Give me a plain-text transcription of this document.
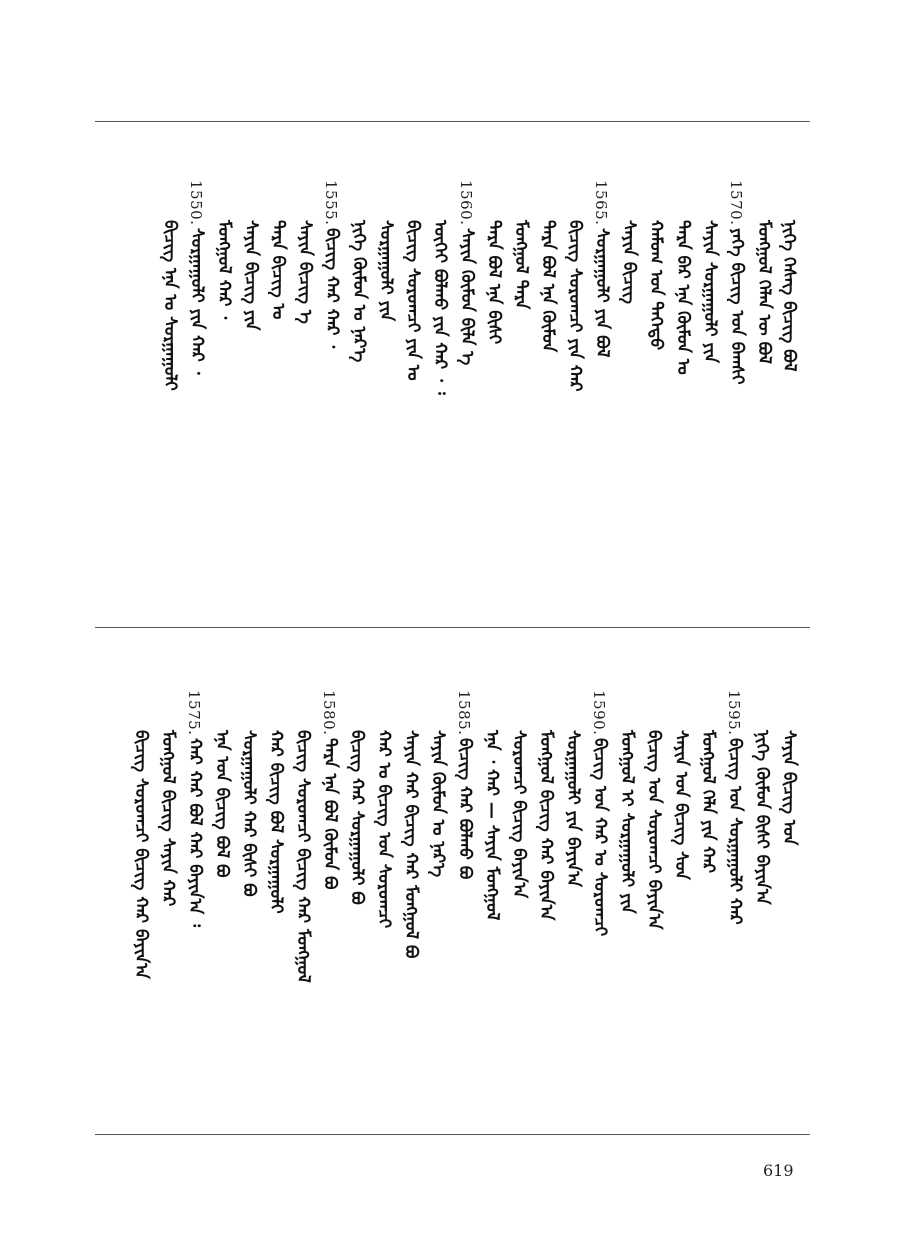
ᠨᠢᠭᠡ ᠬᠡᠰᠡᠭ ᠪᠢᠴᠢᠭ ᠪᠣᠯ
ᠮᠣᠩᠭᠣᠯ ᠬᠡᠯᠡᠨ ᠦ ᠪᠣᠯ
1570.
ᠶᠡᠬᠡ ᠪᠢᠴᠢᠭ ᠤᠨ ᠪᠠᠭᠰᠢ
ᠰᠠᠶᠢᠨ ᠰᠤᠷᠭᠠᠭᠤᠯᠢ ᠶᠢᠨ
ᠲᠡᠷᠡ ᠪᠡᠷ ᠡᠨᠡ ᠬᠦᠮᠦᠨ ᠤ
ᠬᠠᠮᠤᠭ ᠤᠨ ᠳᠡᠭᠡᠳᠦ
ᠰᠠᠶᠢᠨ ᠪᠢᠴᠢᠭ
1565.
ᠰᠤᠷᠭᠠᠭᠤᠯᠢ ᠶᠢᠨ ᠪᠣᠯ
ᠪᠢᠴᠢᠭ ᠰᠤᠷᠤᠭᠴᠢ ᠶᠢᠨ ᠬᠠᠷ
ᠲᠡᠷᠡ ᠪᠣᠯ ᠡᠨᠡ ᠬᠦᠮᠦᠨ
ᠮᠣᠩᠭᠣᠯ ᠲᠡᠷᠡ
ᠲᠡᠷᠡ ᠪᠣᠯ ᠡᠨᠡ ᠪᠢᠰᠢ
1560.
ᠰᠠᠶᠢᠨ ᠬᠦᠮᠦᠨ ᠪᠢᠯᠡ ᠡ
ᠦᠭᠡᠢ ᠪᠣᠯᠬᠤ ᠶᠢᠨ ᠬᠠᠷ ᠂ ᠄
ᠪᠢᠴᠢᠭ ᠰᠤᠷᠤᠭᠴᠢ ᠶᠢᠨ ᠤ
ᠰᠤᠷᠭᠠᠭᠤᠯᠢ ᠶᠢᠨ
ᠨᠢᠭᠡ ᠬᠦᠮᠦᠨ ᠤ ᠨᠡᠷ᠎ᠡ
1555.
ᠪᠢᠴᠢᠭ ᠬᠠᠷ ᠬᠠᠷ ᠂
ᠰᠠᠶᠢᠨ ᠪᠢᠴᠢᠭ ᠡ
ᠲᠡᠷᠡ ᠪᠢᠴᠢᠭ ᠤ
ᠰᠠᠶᠢᠨ ᠪᠢᠴᠢᠭ ᠶᠢᠨ
ᠮᠣᠩᠭᠣᠯ ᠬᠠᠷ ᠂
1550.
ᠰᠤᠷᠭᠠᠭᠤᠯᠢ ᠶᠢᠨ ᠬᠠᠷ ᠂
ᠪᠢᠴᠢᠭ ᠡᠨᠡ ᠤ ᠰᠤᠷᠭᠠᠭᠤᠯᠢ
ᠰᠠᠶᠢᠨ ᠪᠢᠴᠢᠭ ᠤᠨ
ᠨᠢᠭᠡ ᠬᠦᠮᠦᠨ ᠪᠢᠰᠢ ᠪᠠᠶᠢᠨ᠎ᠠ
1595.
ᠪᠢᠴᠢᠭ ᠤᠨ ᠰᠤᠷᠭᠠᠭᠤᠯᠢ ᠬᠠᠷ
ᠮᠣᠩᠭᠣᠯ ᠬᠡᠯᠡ ᠶᠢᠨ ᠬᠠᠷ
ᠰᠠᠶᠢᠨ ᠤᠨ ᠪᠢᠴᠢᠭ ᠰᠣᠨ
ᠪᠢᠴᠢᠭ ᠤᠨ ᠰᠤᠷᠤᠭᠴᠢ ᠪᠠᠶᠢᠨ᠎ᠠ
ᠮᠣᠩᠭᠣᠯ ᠢ ᠰᠤᠷᠭᠠᠭᠤᠯᠢ ᠶᠢᠨ
1590.
ᠪᠢᠴᠢᠭ ᠤᠨ ᠬᠠᠷ ᠤ ᠰᠤᠷᠤᠭᠴᠢ
ᠰᠤᠷᠭᠠᠭᠤᠯᠢ ᠶᠢᠨ ᠪᠠᠶᠢᠨ᠎ᠠ
ᠮᠣᠩᠭᠣᠯ ᠪᠢᠴᠢᠭ ᠬᠠᠷ ᠪᠠᠶᠢᠨ᠎ᠠ
ᠰᠤᠷᠤᠭᠴᠢ ᠪᠢᠴᠢᠭ ᠪᠠᠶᠢᠨ᠎ᠠ
ᠡᠨᠡ ᠂ ᠬᠠᠷ — ᠰᠠᠶᠢᠨ ᠮᠣᠩᠭᠣᠯ
1585.
ᠪᠢᠴᠢᠭ ᠬᠠᠷ ᠪᠣᠯᠬᠤ ᠪᠣ
ᠰᠠᠶᠢᠨ ᠬᠦᠮᠦᠨ ᠤ ᠨᠡᠷ᠎ᠡ
ᠰᠠᠶᠢᠨ ᠬᠠᠷ ᠪᠢᠴᠢᠭ ᠬᠠᠷ ᠮᠣᠩᠭᠣᠯ ᠪᠣ
ᠬᠠᠷ ᠤ ᠪᠢᠴᠢᠭ ᠤᠨ ᠰᠤᠷᠤᠭᠴᠢ
ᠪᠢᠴᠢᠭ ᠬᠠᠷ ᠰᠤᠷᠭᠠᠭᠤᠯᠢ ᠪᠣ
1580.
ᠲᠡᠷᠡ ᠡᠨᠡ ᠪᠣᠯ ᠬᠦᠮᠦᠨ ᠪᠣ
ᠪᠢᠴᠢᠭ ᠰᠤᠷᠤᠭᠴᠢ ᠪᠢᠴᠢᠭ ᠬᠠᠷ ᠮᠣᠩᠭᠣᠯ
ᠬᠠᠷ ᠪᠢᠴᠢᠭ ᠪᠣᠯ ᠰᠤᠷᠭᠠᠭᠤᠯᠢ
ᠰᠤᠷᠭᠠᠭᠤᠯᠢ ᠬᠠᠷ ᠪᠢᠰᠢ ᠪᠣ
ᠡᠨᠡ ᠤᠨ ᠪᠢᠴᠢᠭ ᠪᠣᠯ ᠪᠣ
1575.
ᠬᠠᠷ ᠬᠠᠷ ᠪᠣᠯ ᠬᠠᠷ ᠪᠠᠶᠢᠨ᠎ᠠ ᠄
ᠮᠣᠩᠭᠣᠯ ᠪᠢᠴᠢᠭ ᠰᠠᠶᠢᠨ ᠬᠠᠷ
ᠪᠢᠴᠢᠭ ᠰᠤᠷᠤᠭᠴᠢ ᠪᠢᠴᠢᠭ ᠬᠠᠷ ᠪᠠᠶᠢᠨ᠎ᠠ
619
